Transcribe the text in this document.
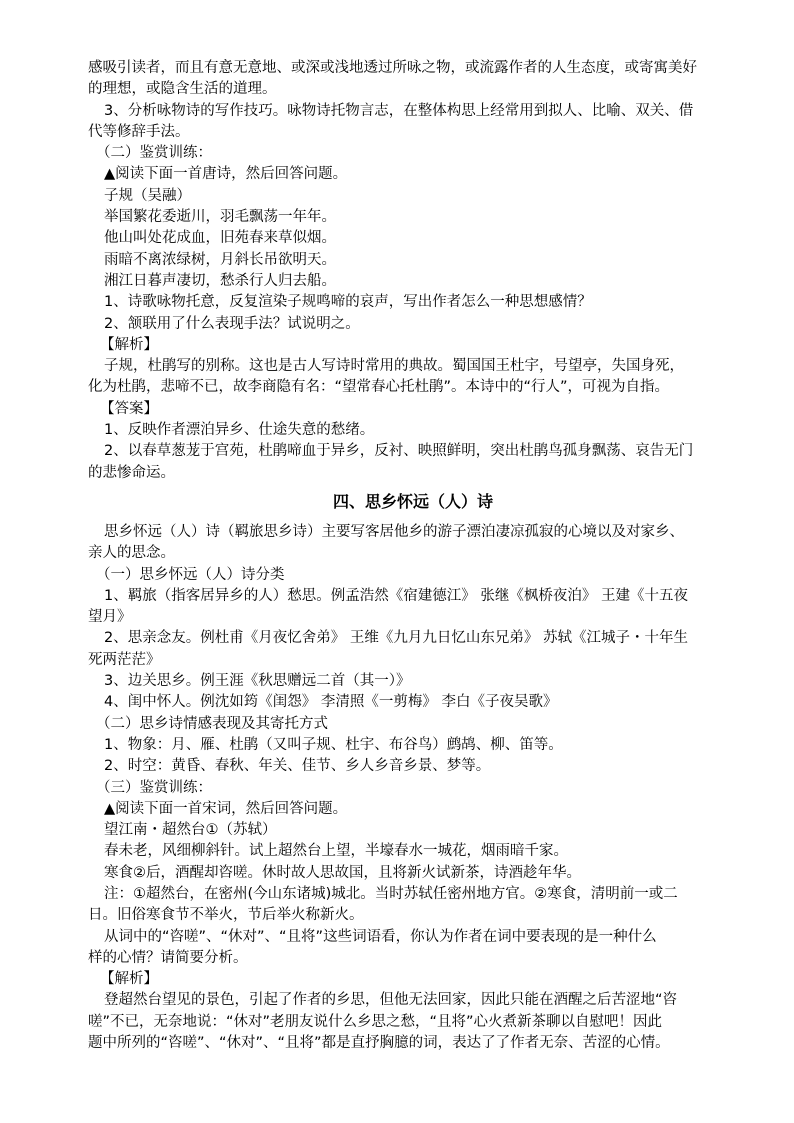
感吸引读者，而且有意无意地、或深或浅地透过所咏之物，或流露作者的人生态度，或寄寓美好

的理想，或隐含生活的道理。

3、分析咏物诗的写作技巧。咏物诗托物言志，在整体构思上经常用到拟人、比喻、双关、借

代等修辞手法。

（二）鉴赏训练：

▲阅读下面一首唐诗，然后回答问题。

子规（吴融）

举国繁花委逝川，羽毛飘荡一年年。

他山叫处花成血，旧苑春来草似烟。

雨暗不离浓绿树，月斜长吊欲明天。

湘江日暮声凄切，愁杀行人归去船。

1、诗歌咏物托意，反复渲染子规鸣啼的哀声，写出作者怎么一种思想感情？

2、颔联用了什么表现手法？试说明之。

【解析】

子规，杜鹃写的别称。这也是古人写诗时常用的典故。蜀国国王杜宇，号望亭，失国身死，

化为杜鹃，悲啼不已，故李商隐有名：“望常春心托杜鹃”。本诗中的“行人”，可视为自指。

【答案】

1、反映作者漂泊异乡、仕途失意的愁绪。

2、以春草葱茏于宫苑，杜鹃啼血于异乡，反衬、映照鲜明，突出杜鹃鸟孤身飘荡、哀告无门

的悲惨命运。

四、思乡怀远（人）诗

思乡怀远（人）诗（羁旅思乡诗）主要写客居他乡的游子漂泊凄凉孤寂的心境以及对家乡、

亲人的思念。

（一）思乡怀远（人）诗分类

1、羁旅（指客居异乡的人）愁思。例孟浩然《宿建德江》 张继《枫桥夜泊》 王建《十五夜

望月》

2、思亲念友。例杜甫《月夜忆舍弟》 王维《九月九日忆山东兄弟》 苏轼《江城子・十年生

死两茫茫》

3、边关思乡。例王涯《秋思赠远二首（其一）》

4、闺中怀人。例沈如筠《闺怨》 李清照《一剪梅》 李白《子夜吴歌》

（二）思乡诗情感表现及其寄托方式

1、物象：月、雁、杜鹃（又叫子规、杜宇、布谷鸟）鹧鸪、柳、笛等。

2、时空：黄昏、春秋、年关、佳节、乡人乡音乡景、梦等。

（三）鉴赏训练：

▲阅读下面一首宋词，然后回答问题。

望江南・超然台①（苏轼）

春未老，风细柳斜针。试上超然台上望，半壕春水一城花，烟雨暗千家。

寒食②后，酒醒却咨嗟。休时故人思故国，且将新火试新茶，诗酒趁年华。

注：①超然台，在密州(今山东诸城)城北。当时苏轼任密州地方官。②寒食，清明前一或二

日。旧俗寒食节不举火，节后举火称新火。

从词中的“咨嗟”、“休对”、“且将”这些词语看，你认为作者在词中要表现的是一种什么

样的心情？请简要分析。

【解析】

登超然台望见的景色，引起了作者的乡思，但他无法回家，因此只能在酒醒之后苦涩地“咨

嗟”不已，无奈地说：“休对”老朋友说什么乡思之愁，“且将”心火煮新茶聊以自慰吧！因此

题中所列的“咨嗟”、“休对”、“且将”都是直抒胸臆的词，表达了了作者无奈、苦涩的心情。
